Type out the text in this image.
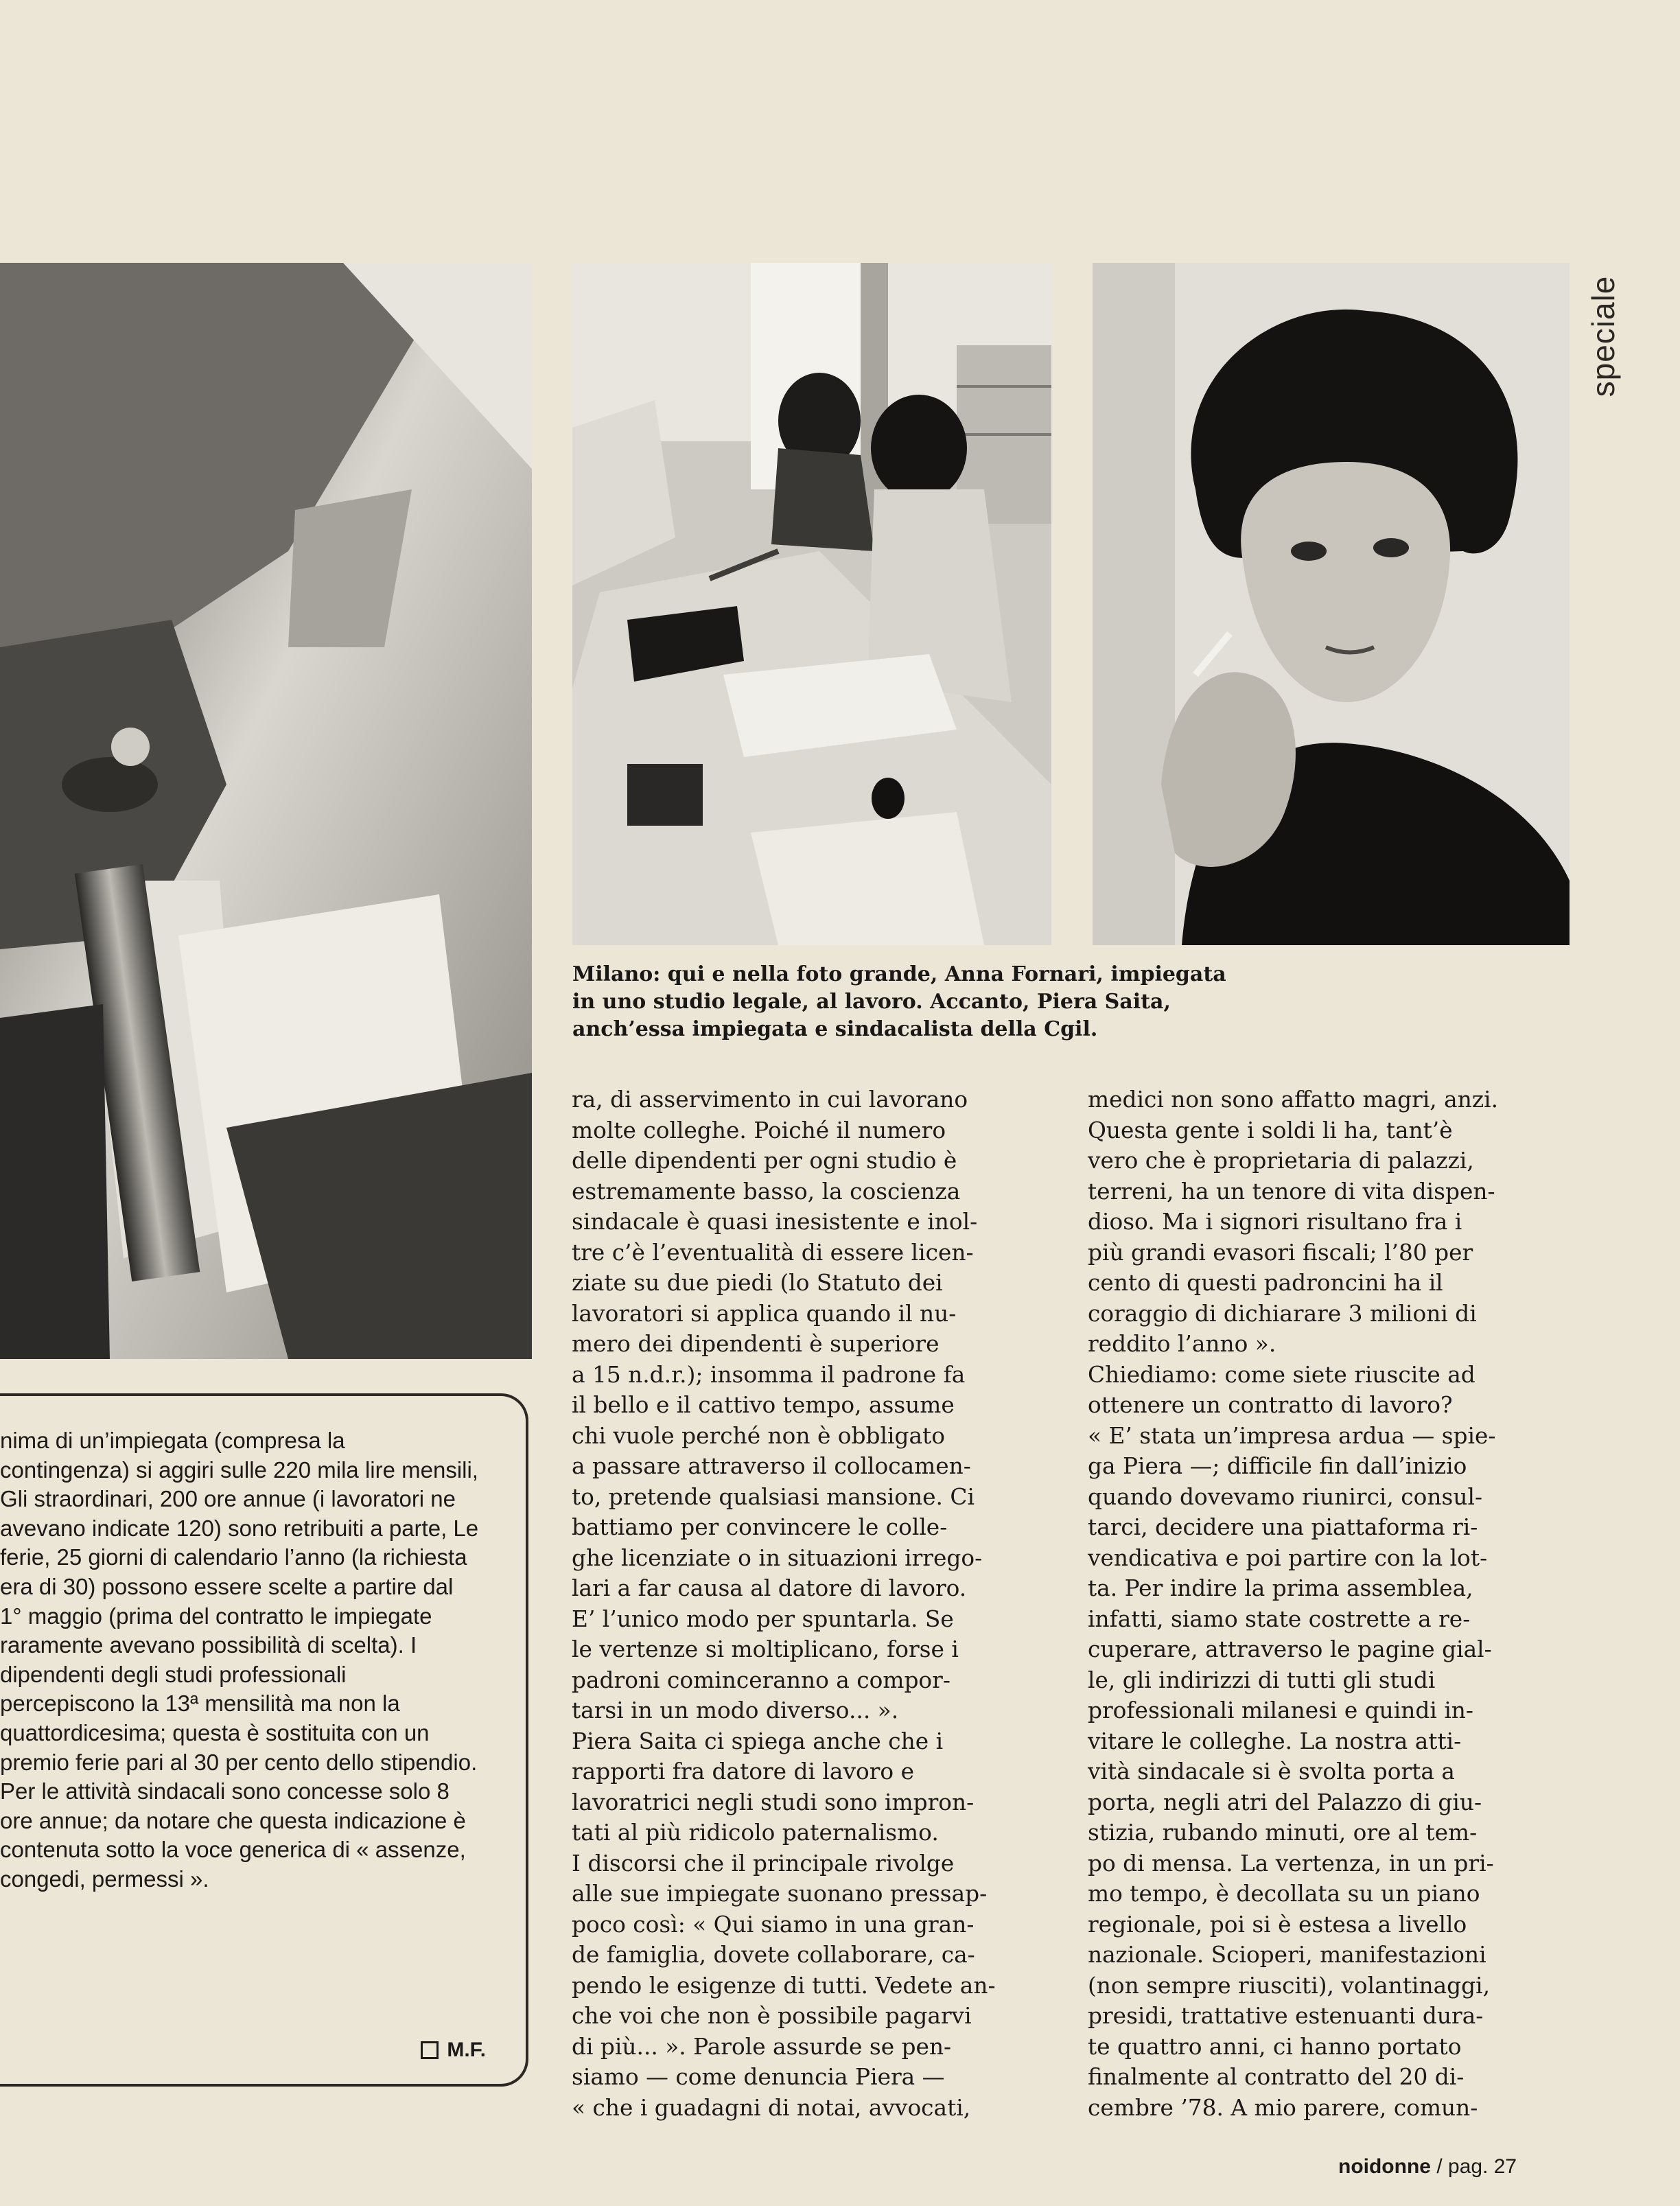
speciale
Milano: qui e nella foto grande, Anna Fornari, impiegata
in uno studio legale, al lavoro. Accanto, Piera Saita,
anch’essa impiegata e sindacalista della Cgil.
nima di un’impiegata (compresa la contingenza) si aggiri sulle 220 mila lire mensili, Gli straordinari, 200 ore annue (i lavoratori ne avevano indicate 120) sono retribuiti a parte, Le ferie, 25 giorni di calendario l’anno (la richiesta era di 30) possono essere scelte a partire dal 1° maggio (prima del contratto le impiegate raramente avevano possibilità di scelta). I dipendenti degli studi professionali percepiscono la 13ª mensilità ma non la quattordicesima; questa è sostituita con un premio ferie pari al 30 per cento dello stipendio. Per le attività sindacali sono concesse solo 8 ore annue; da notare che questa indicazione è contenuta sotto la voce generica di « assenze, congedi, permessi ».
M.F.
ra, di asservimento in cui lavorano
molte colleghe. Poiché il numero
delle dipendenti per ogni studio è
estremamente basso, la coscienza
sindacale è quasi inesistente e inol-
tre c’è l’eventualità di essere licen-
ziate su due piedi (lo Statuto dei
lavoratori si applica quando il nu-
mero dei dipendenti è superiore
a 15 n.d.r.); insomma il padrone fa
il bello e il cattivo tempo, assume
chi vuole perché non è obbligato
a passare attraverso il collocamen-
to, pretende qualsiasi mansione. Ci
battiamo per convincere le colle-
ghe licenziate o in situazioni irrego-
lari a far causa al datore di lavoro.
E’ l’unico modo per spuntarla. Se
le vertenze si moltiplicano, forse i
padroni cominceranno a compor-
tarsi in un modo diverso... ».
Piera Saita ci spiega anche che i
rapporti fra datore di lavoro e
lavoratrici negli studi sono impron-
tati al più ridicolo paternalismo.
I discorsi che il principale rivolge
alle sue impiegate suonano pressap-
poco così: « Qui siamo in una gran-
de famiglia, dovete collaborare, ca-
pendo le esigenze di tutti. Vedete an-
che voi che non è possibile pagarvi
di più... ». Parole assurde se pen-
siamo — come denuncia Piera —
« che i guadagni di notai, avvocati,
medici non sono affatto magri, anzi.
Questa gente i soldi li ha, tant’è
vero che è proprietaria di palazzi,
terreni, ha un tenore di vita dispen-
dioso. Ma i signori risultano fra i
più grandi evasori fiscali; l’80 per
cento di questi padroncini ha il
coraggio di dichiarare 3 milioni di
reddito l’anno ».
Chiediamo: come siete riuscite ad
ottenere un contratto di lavoro?
« E’ stata un’impresa ardua — spie-
ga Piera —; difficile fin dall’inizio
quando dovevamo riunirci, consul-
tarci, decidere una piattaforma ri-
vendicativa e poi partire con la lot-
ta. Per indire la prima assemblea,
infatti, siamo state costrette a re-
cuperare, attraverso le pagine gial-
le, gli indirizzi di tutti gli studi
professionali milanesi e quindi in-
vitare le colleghe. La nostra atti-
vità sindacale si è svolta porta a
porta, negli atri del Palazzo di giu-
stizia, rubando minuti, ore al tem-
po di mensa. La vertenza, in un pri-
mo tempo, è decollata su un piano
regionale, poi si è estesa a livello
nazionale. Scioperi, manifestazioni
(non sempre riusciti), volantinaggi,
presidi, trattative estenuanti dura-
te quattro anni, ci hanno portato
finalmente al contratto del 20 di-
cembre ’78. A mio parere, comun-
noidonne / pag. 27
